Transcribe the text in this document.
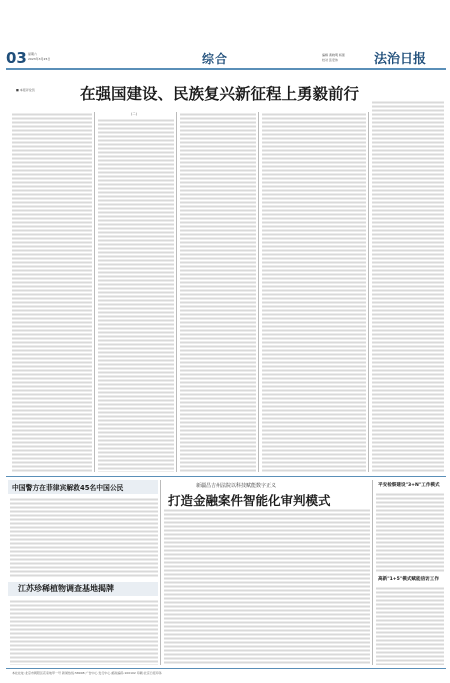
03 星期六
2023年3月25日	综合	编辑 黄晓明 杨蕾
校对 张宏伟	法治日报
■ 本报评论员	在强国建设、民族复兴新征程上勇毅前行
(二)
中国警方在菲律宾解救45名中国公民
江苏珍稀植物调查基地揭牌
新疆昌吉州法院以科技赋能数字正义
打造金融案件智能化审判模式
平安检察建设"3+N"工作模式
高新"1+5"模式赋能信访工作
本社社址:北京市朝阳区花家地甲一号 新闻热线:58908 广告中心 发行中心 邮政编码:100102 印刷:北京日报印务
